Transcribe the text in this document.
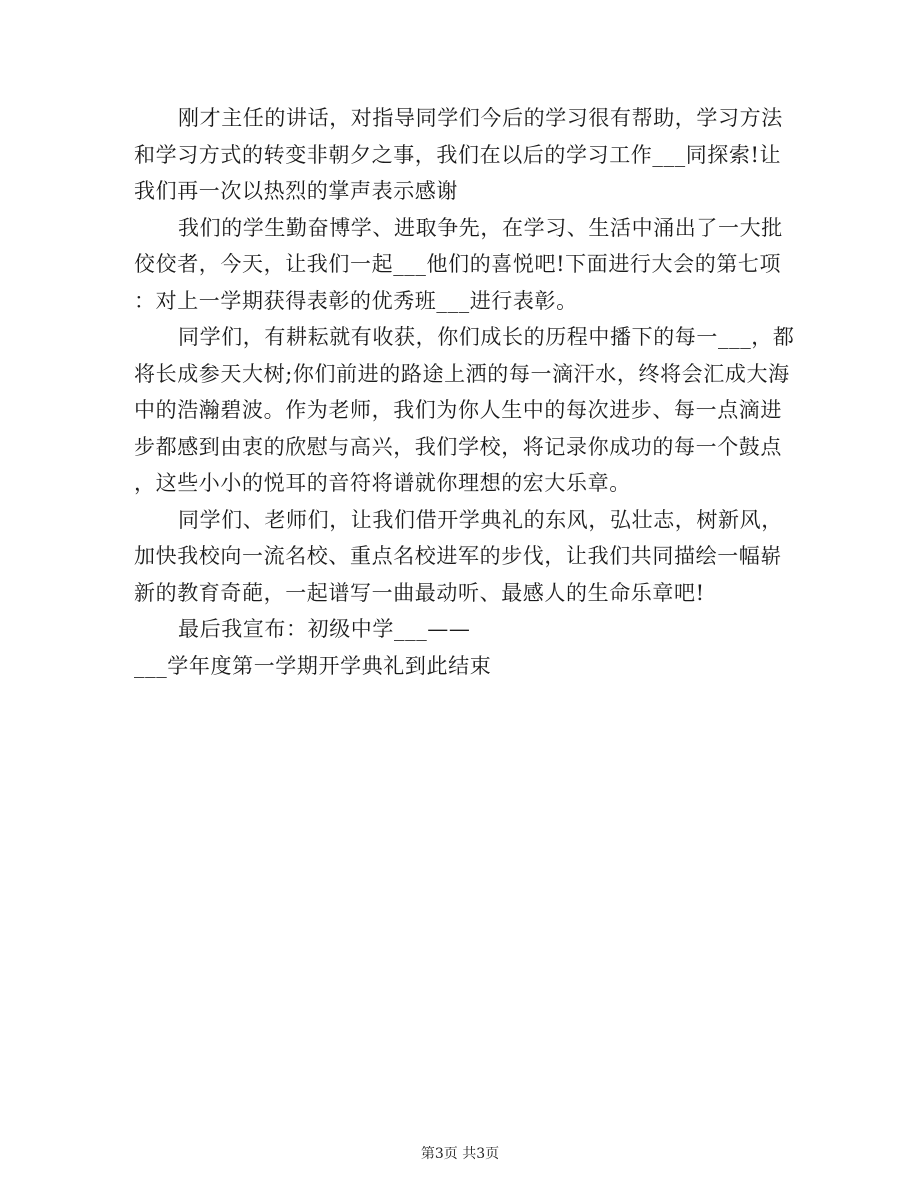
刚才主任的讲话，对指导同学们今后的学习很有帮助，学习方法
和学习方式的转变非朝夕之事，我们在以后的学习工作___同探索!让
我们再一次以热烈的掌声表示感谢
我们的学生勤奋博学、进取争先，在学习、生活中涌出了一大批
佼佼者，今天，让我们一起___他们的喜悦吧!下面进行大会的第七项
：对上一学期获得表彰的优秀班___进行表彰。
同学们，有耕耘就有收获，你们成长的历程中播下的每一___，都
将长成参天大树;你们前进的路途上洒的每一滴汗水，终将会汇成大海
中的浩瀚碧波。作为老师，我们为你人生中的每次进步、每一点滴进
步都感到由衷的欣慰与高兴，我们学校，将记录你成功的每一个鼓点
，这些小小的悦耳的音符将谱就你理想的宏大乐章。
同学们、老师们，让我们借开学典礼的东风，弘壮志，树新风，
加快我校向一流名校、重点名校进军的步伐，让我们共同描绘一幅崭
新的教育奇葩，一起谱写一曲最动听、最感人的生命乐章吧!
最后我宣布：初级中学___——
___学年度第一学期开学典礼到此结束
第3页 共3页
